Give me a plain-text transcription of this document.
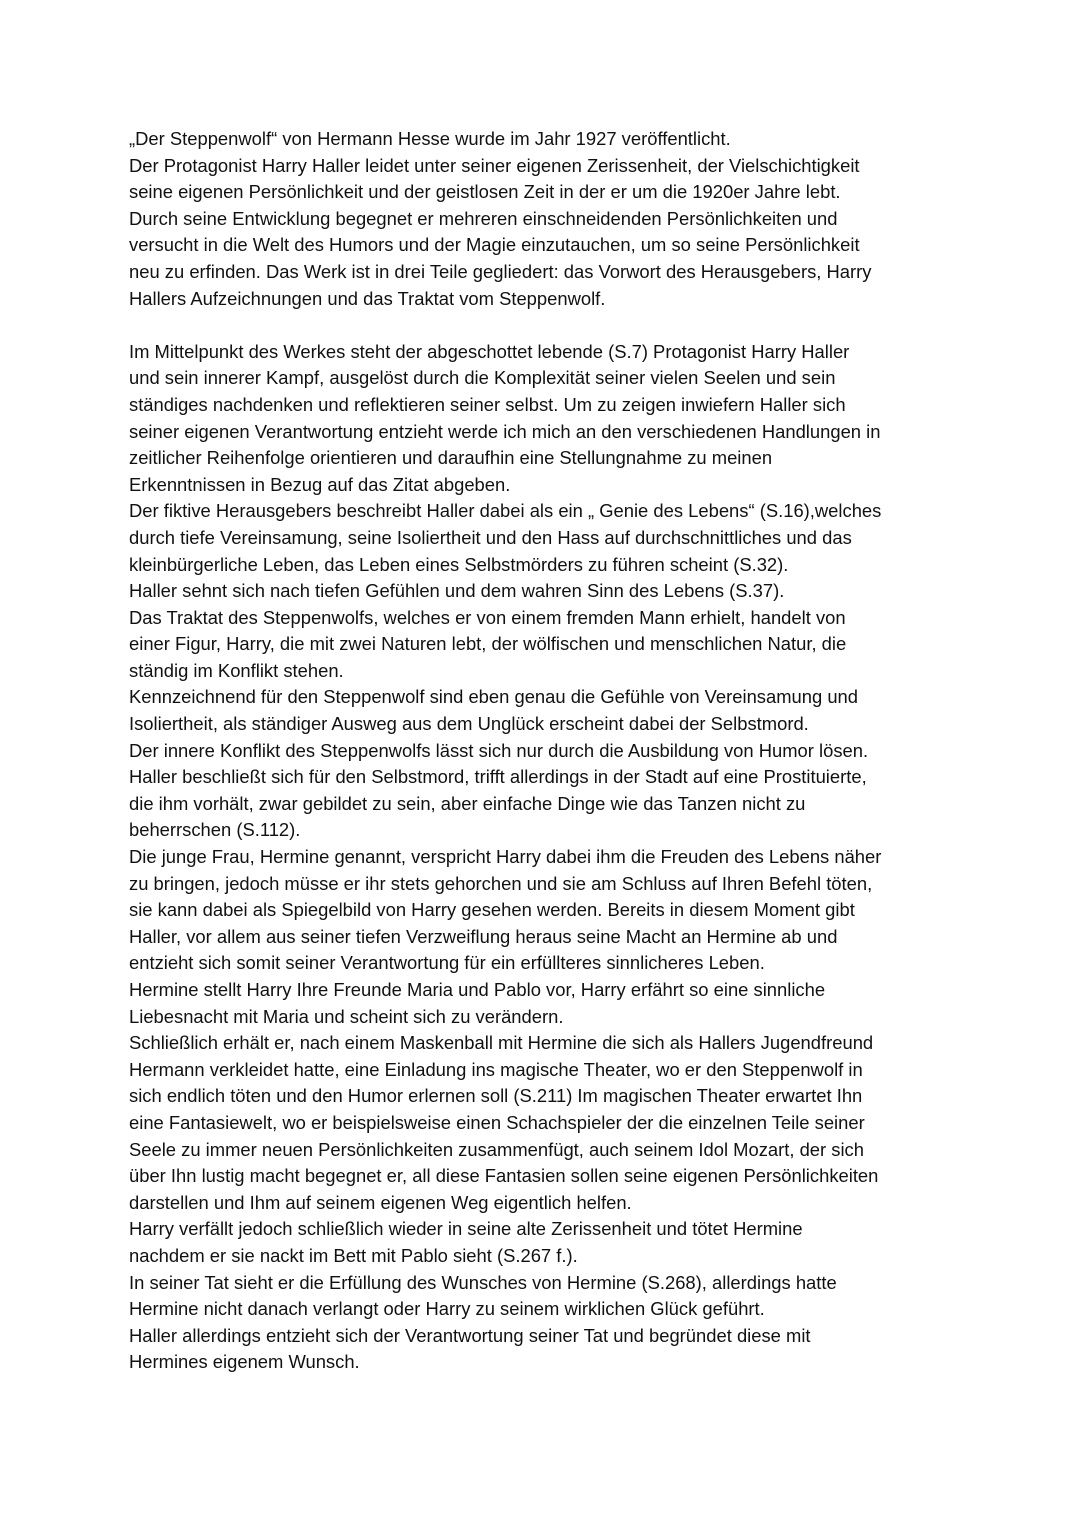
„Der Steppenwolf“ von Hermann Hesse wurde im Jahr 1927 veröffentlicht.
Der Protagonist Harry Haller leidet unter seiner eigenen Zerissenheit, der Vielschichtigkeit
seine eigenen Persönlichkeit und der geistlosen Zeit in der er um die 1920er Jahre lebt.
Durch seine Entwicklung begegnet er mehreren einschneidenden Persönlichkeiten und
versucht in die Welt des Humors und der Magie einzutauchen, um so seine Persönlichkeit
neu zu erfinden. Das Werk ist in drei Teile gegliedert: das Vorwort des Herausgebers, Harry
Hallers Aufzeichnungen und das Traktat vom Steppenwolf.
Im Mittelpunkt des Werkes steht der abgeschottet lebende (S.7) Protagonist Harry Haller
und sein innerer Kampf, ausgelöst durch die Komplexität seiner vielen Seelen und sein
ständiges nachdenken und reflektieren seiner selbst. Um zu zeigen inwiefern Haller sich
seiner eigenen Verantwortung entzieht werde ich mich an den verschiedenen Handlungen in
zeitlicher Reihenfolge orientieren und daraufhin eine Stellungnahme zu meinen
Erkenntnissen in Bezug auf das Zitat abgeben.
Der fiktive Herausgebers beschreibt Haller dabei als ein „ Genie des Lebens“ (S.16),welches
durch tiefe Vereinsamung, seine Isoliertheit und den Hass auf durchschnittliches und das
kleinbürgerliche Leben, das Leben eines Selbstmörders zu führen scheint (S.32).
Haller sehnt sich nach tiefen Gefühlen und dem wahren Sinn des Lebens (S.37).
Das Traktat des Steppenwolfs, welches er von einem fremden Mann erhielt, handelt von
einer Figur, Harry, die mit zwei Naturen lebt, der wölfischen und menschlichen Natur, die
ständig im Konflikt stehen.
Kennzeichnend für den Steppenwolf sind eben genau die Gefühle von Vereinsamung und
Isoliertheit, als ständiger Ausweg aus dem Unglück erscheint dabei der Selbstmord.
Der innere Konflikt des Steppenwolfs lässt sich nur durch die Ausbildung von Humor lösen.
Haller beschließt sich für den Selbstmord, trifft allerdings in der Stadt auf eine Prostituierte,
die ihm vorhält, zwar gebildet zu sein, aber einfache Dinge wie das Tanzen nicht zu
beherrschen (S.112).
Die junge Frau, Hermine genannt, verspricht Harry dabei ihm die Freuden des Lebens näher
zu bringen, jedoch müsse er ihr stets gehorchen und sie am Schluss auf Ihren Befehl töten,
sie kann dabei als Spiegelbild von Harry gesehen werden. Bereits in diesem Moment gibt
Haller, vor allem aus seiner tiefen Verzweiflung heraus seine Macht an Hermine ab und
entzieht sich somit seiner Verantwortung für ein erfüllteres sinnlicheres Leben.
Hermine stellt Harry Ihre Freunde Maria und Pablo vor, Harry erfährt so eine sinnliche
Liebesnacht mit Maria und scheint sich zu verändern.
Schließlich erhält er, nach einem Maskenball mit Hermine die sich als Hallers Jugendfreund
Hermann verkleidet hatte, eine Einladung ins magische Theater, wo er den Steppenwolf in
sich endlich töten und den Humor erlernen soll (S.211) Im magischen Theater erwartet Ihn
eine Fantasiewelt, wo er beispielsweise einen Schachspieler der die einzelnen Teile seiner
Seele zu immer neuen Persönlichkeiten zusammenfügt, auch seinem Idol Mozart, der sich
über Ihn lustig macht begegnet er, all diese Fantasien sollen seine eigenen Persönlichkeiten
darstellen und Ihm auf seinem eigenen Weg eigentlich helfen.
Harry verfällt jedoch schließlich wieder in seine alte Zerissenheit und tötet Hermine
nachdem er sie nackt im Bett mit Pablo sieht (S.267 f.).
In seiner Tat sieht er die Erfüllung des Wunsches von Hermine (S.268), allerdings hatte
Hermine nicht danach verlangt oder Harry zu seinem wirklichen Glück geführt.
Haller allerdings entzieht sich der Verantwortung seiner Tat und begründet diese mit
Hermines eigenem Wunsch.
